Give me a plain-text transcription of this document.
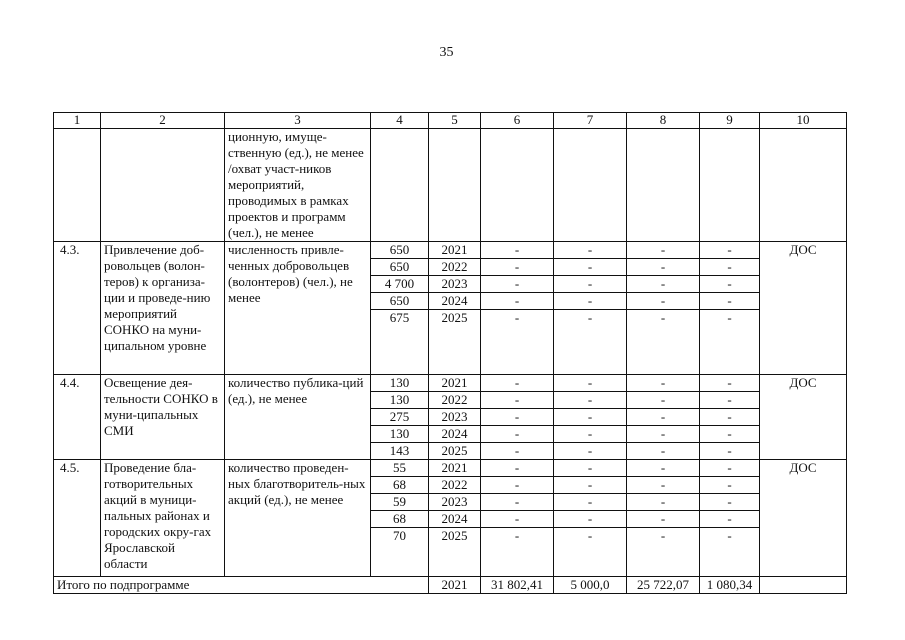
35
1	2	3	4	5	6	7	8	9	10
		ционную, имуще-ственную (ед.), не менее /охват участ-ников мероприятий, проводимых в рамках проектов и программ (чел.), не менее							
4.3.	Привлечение доб-ровольцев (волон-теров) к организа-ции и проведе-нию мероприятий СОНКО на муни-ципальном уровне	численность привле-ченных добровольцев (волонтеров) (чел.), не менее	650	2021	-	-	-	-	ДОС
			650	2022	-	-	-	-	
			4 700	2023	-	-	-	-	
			650	2024	-	-	-	-	
			675	2025	-	-	-	-	
4.4.	Освещение дея-тельности СОНКО в муни-ципальных СМИ	количество публика-ций (ед.), не менее	130	2021	-	-	-	-	ДОС
			130	2022	-	-	-	-	
			275	2023	-	-	-	-	
			130	2024	-	-	-	-	
			143	2025	-	-	-	-	
4.5.	Проведение бла-готворительных акций в муници-пальных районах и городских окру-гах Ярославской области	количество проведен-ных благотворитель-ных акций (ед.), не менее	55	2021	-	-	-	-	ДОС
			68	2022	-	-	-	-	
			59	2023	-	-	-	-	
			68	2024	-	-	-	-	
			70	2025	-	-	-	-	
Итого по подпрограмме				2021	31 802,41	5 000,0	25 722,07	1 080,34	
